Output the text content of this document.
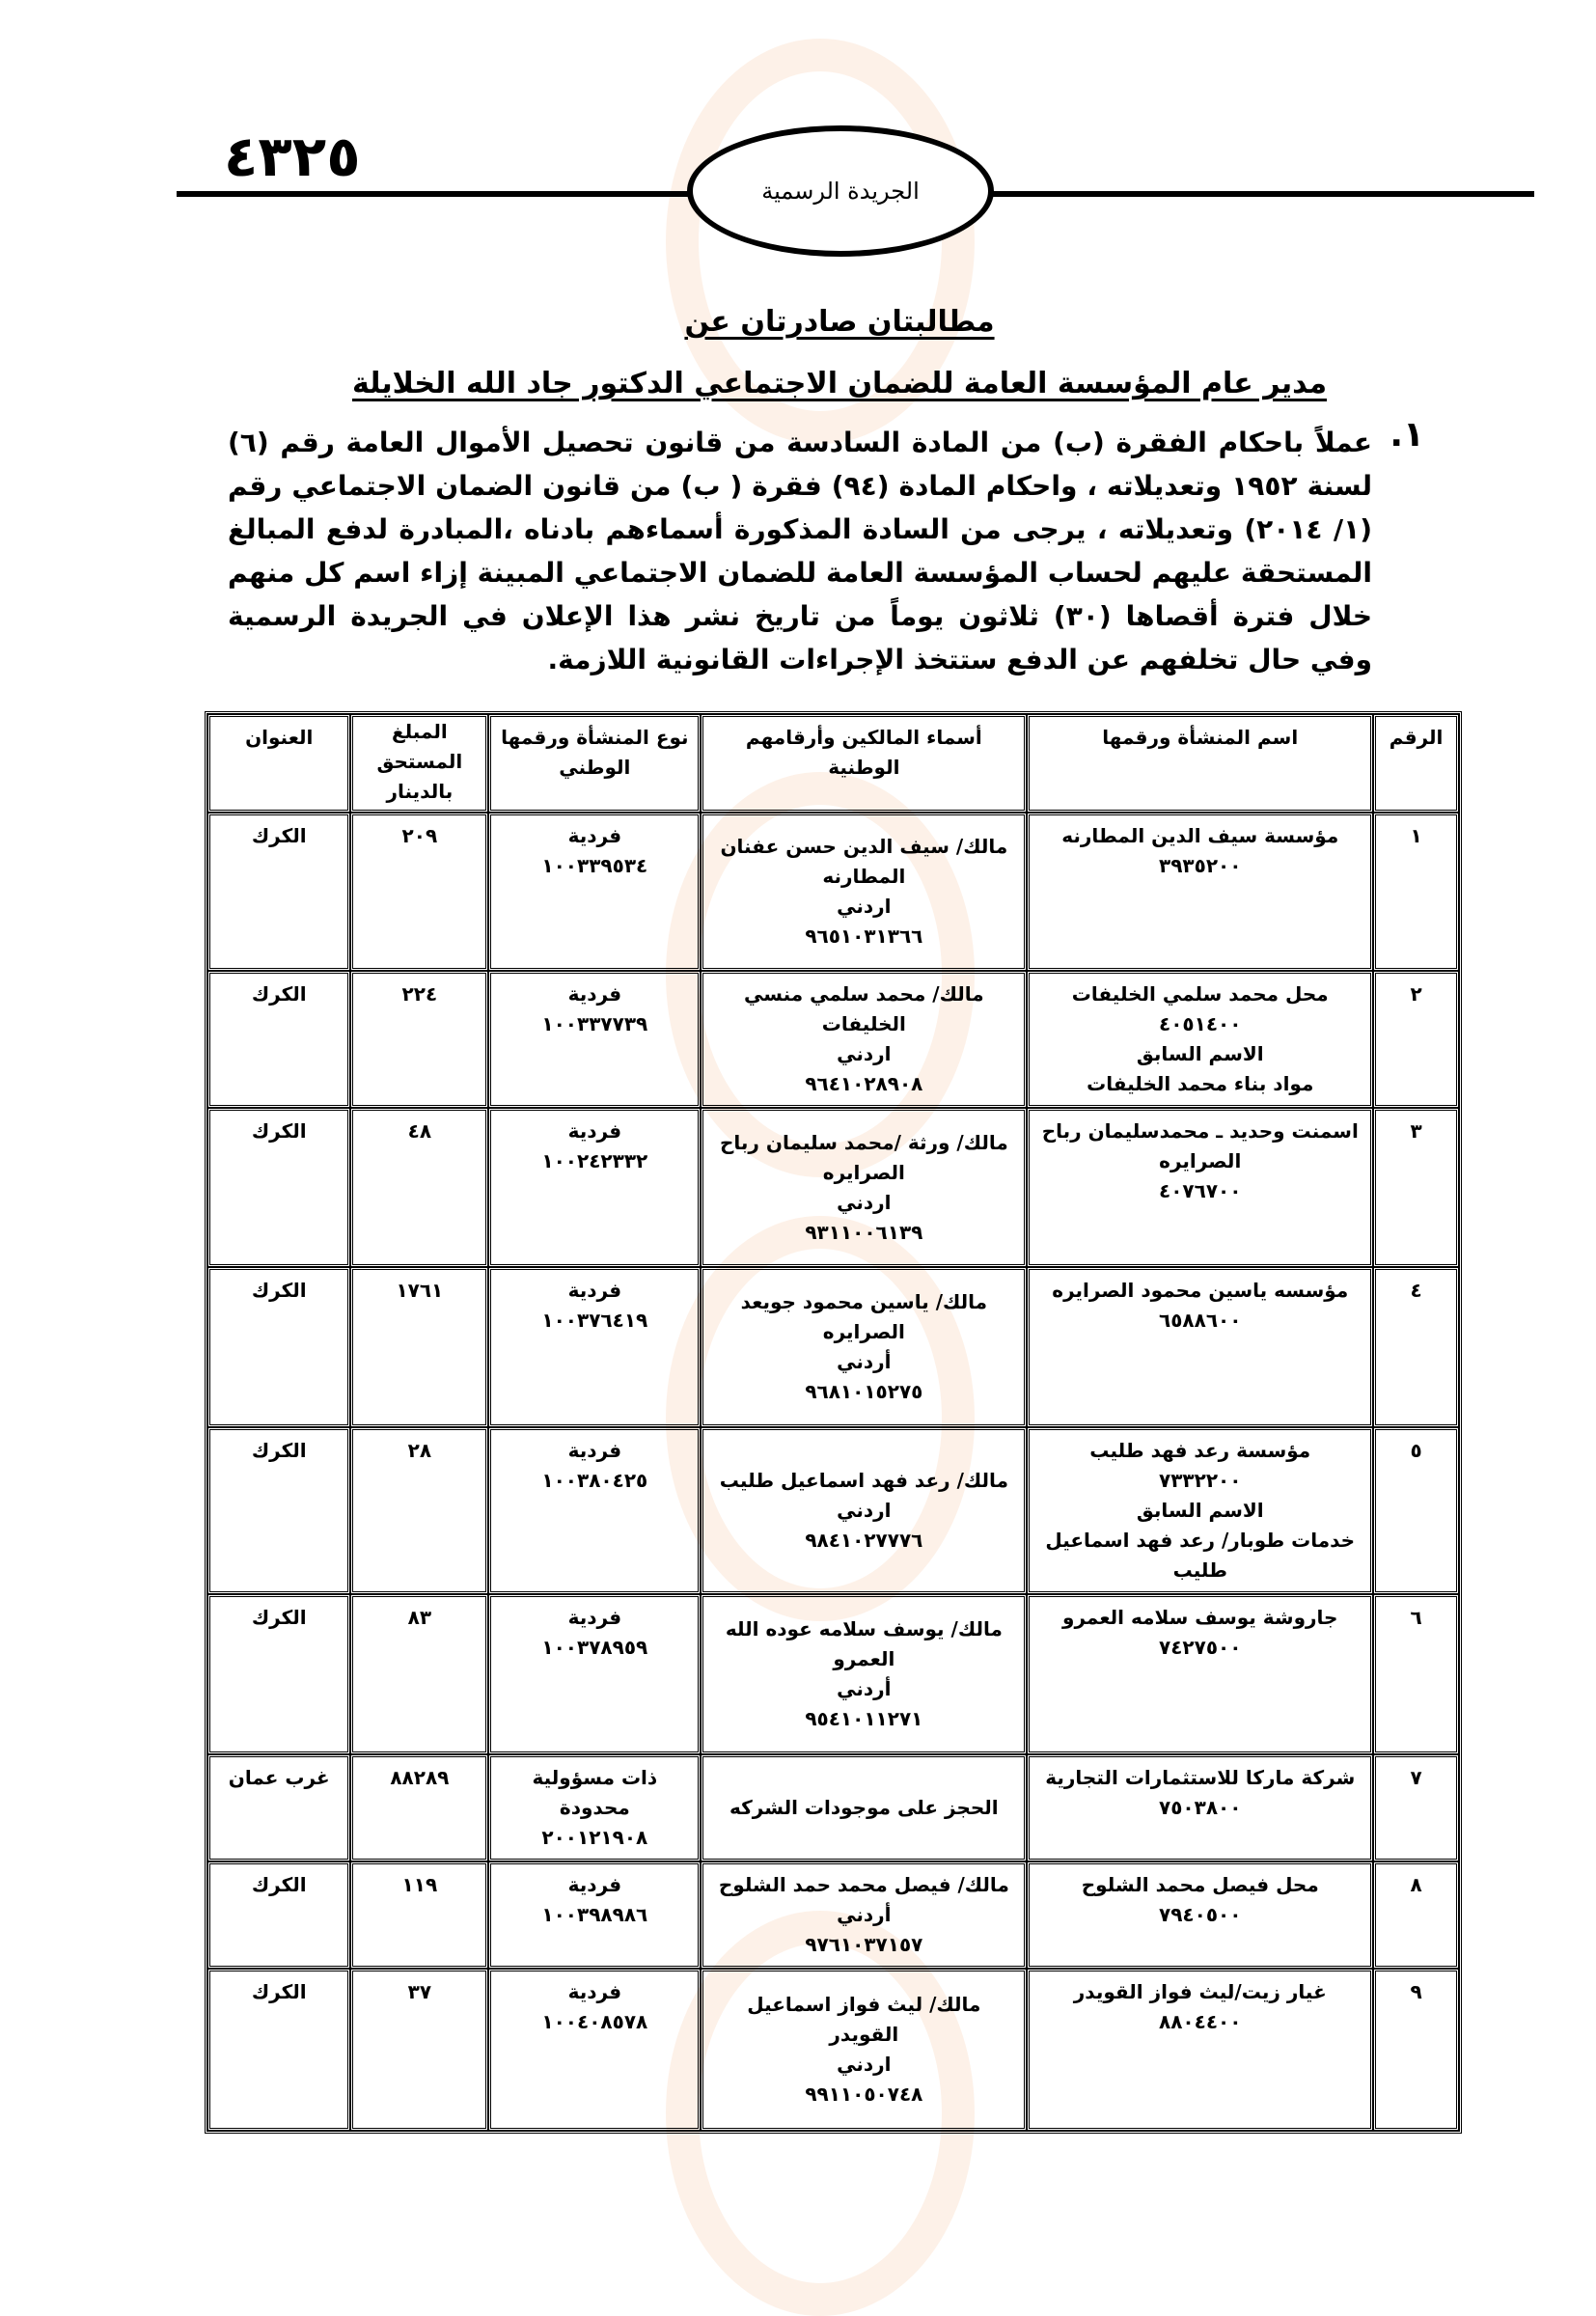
٤٣٢٥
الجريدة الرسمية
مطالبتان صادرتان عن
مدير عام المؤسسة العامة للضمان الاجتماعي الدكتور جاد الله الخلايلة
١.
عملاً باحكام الفقرة (ب) من المادة السادسة من قانون تحصيل الأموال العامة رقم (٦) لسنة ١٩٥٢ وتعديلاته ، واحكام المادة (٩٤) فقرة ( ب) من قانون الضمان الاجتماعي رقم (١/ ٢٠١٤) وتعديلاته ، يرجى من السادة المذكورة أسماءهم بادناه ،المبادرة لدفع المبالغ المستحقة عليهم لحساب المؤسسة العامة للضمان الاجتماعي المبينة إزاء اسم كل منهم خلال فترة أقصاها (٣٠) ثلاثون يوماً من تاريخ نشر هذا الإعلان في الجريدة الرسمية وفي حال تخلفهم عن الدفع ستتخذ الإجراءات القانونية اللازمة.
الرقم	اسم المنشأة ورقمها	أسماء المالكين وأرقامهم الوطنية	نوع المنشأة ورقمها الوطني	المبلغ المستحق بالدينار	العنوان
١	مؤسسة سيف الدين المطارنه
٣٩٣٥٢٠٠	مالك/ سيف الدين حسن عفنان
المطارنه
اردني
٩٦٥١٠٣١٣٦٦	فردية
١٠٠٣٣٩٥٣٤	٢٠٩	الكرك
٢	محل محمد سلمي الخليفات
٤٠٥١٤٠٠
الاسم السابق
مواد بناء محمد الخليفات	مالك/ محمد سلمي منسي الخليفات
اردني
٩٦٤١٠٢٨٩٠٨	فردية
١٠٠٣٣٧٧٣٩	٢٢٤	الكرك
٣	اسمنت وحديد ـ محمدسليمان رباح
الصرايره
٤٠٧٦٧٠٠	مالك/ ورثة /محمد سليمان رباح
الصرايره
اردني
٩٣١١٠٠٦١٣٩	فردية
١٠٠٢٤٢٣٣٢	٤٨	الكرك
٤	مؤسسه ياسين محمود الصرايره
٦٥٨٨٦٠٠	مالك/ ياسين محمود جويعد
الصرايره
أردني
٩٦٨١٠١٥٢٧٥	فردية
١٠٠٣٧٦٤١٩	١٧٦١	الكرك
٥	مؤسسة رعد فهد طليب
٧٣٣٢٢٠٠
الاسم السابق
خدمات طوبار/ رعد فهد اسماعيل
طليب	مالك/ رعد فهد اسماعيل طليب
اردني
٩٨٤١٠٢٧٧٧٦	فردية
١٠٠٣٨٠٤٢٥	٢٨	الكرك
٦	جاروشة يوسف سلامه العمرو
٧٤٢٧٥٠٠	مالك/ يوسف سلامه عوده الله
العمرو
أردني
٩٥٤١٠١١٢٧١	فردية
١٠٠٣٧٨٩٥٩	٨٣	الكرك
٧	شركة ماركا للاستثمارات التجارية
٧٥٠٣٨٠٠	الحجز على موجودات الشركه	ذات مسؤولية
محدودة
٢٠٠١٢١٩٠٨	٨٨٢٨٩	غرب عمان
٨	محل فيصل محمد الشلوح
٧٩٤٠٥٠٠	مالك/ فيصل محمد حمد الشلوح
أردني
٩٧٦١٠٣٧١٥٧	فردية
١٠٠٣٩٨٩٨٦	١١٩	الكرك
٩	غيار زيت/ليث فواز القويدر
٨٨٠٤٤٠٠	مالك/ ليث فواز اسماعيل القويدر
اردني
٩٩١١٠٥٠٧٤٨	فردية
١٠٠٤٠٨٥٧٨	٣٧	الكرك
